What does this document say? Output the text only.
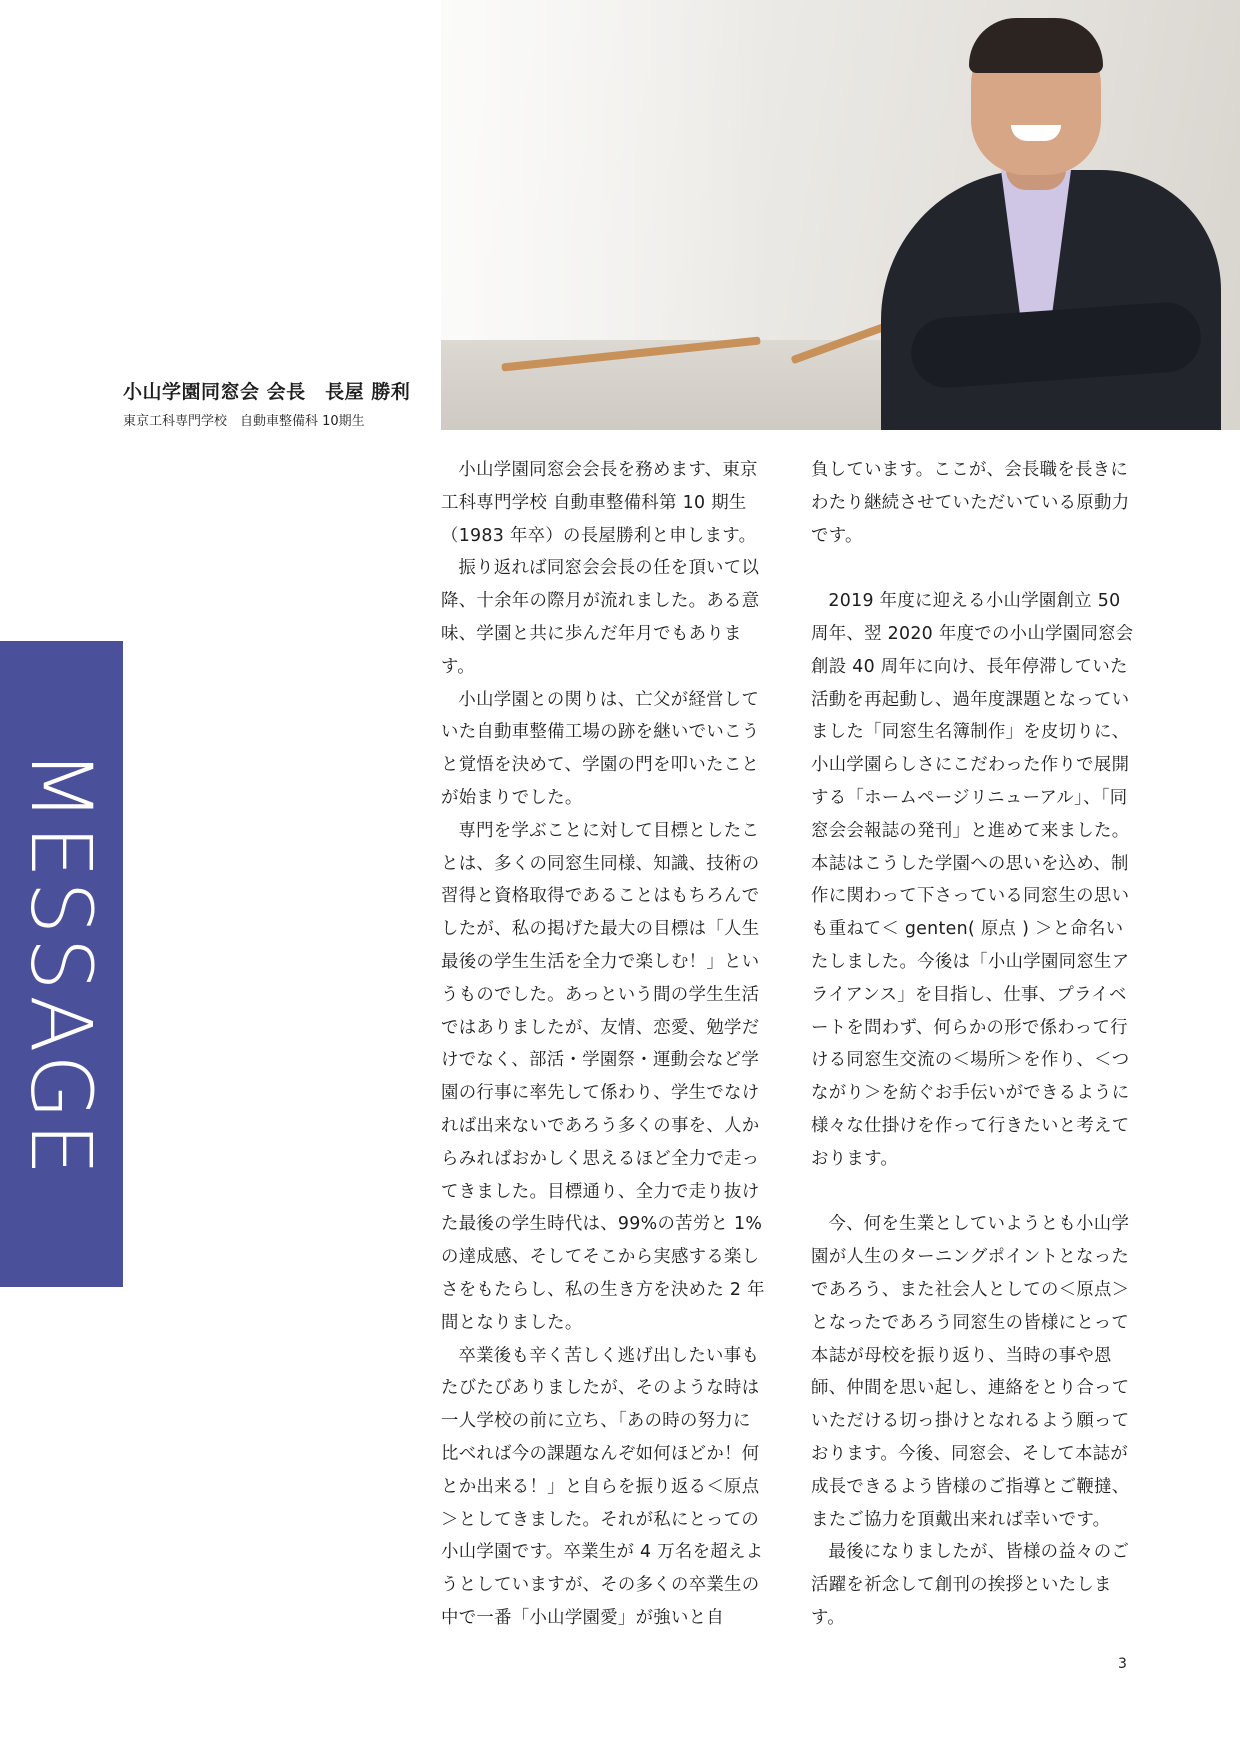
小山学園同窓会 会長　長屋 勝利
東京工科専門学校　自動車整備科 10期生
MESSAGE

小山学園同窓会会長を務めます、東京工科専門学校 自動車整備科第 10 期生（1983 年卒）の長屋勝利と申します。

振り返れば同窓会会長の任を頂いて以降、十余年の際月が流れました。ある意味、学園と共に歩んだ年月でもあります。

小山学園との関りは、亡父が経営していた自動車整備工場の跡を継いでいこうと覚悟を決めて、学園の門を叩いたことが始まりでした。

専門を学ぶことに対して目標としたことは、多くの同窓生同様、知識、技術の習得と資格取得であることはもちろんでしたが、私の掲げた最大の目標は「人生最後の学生生活を全力で楽しむ！」というものでした。あっという間の学生生活ではありましたが、友情、恋愛、勉学だけでなく、部活・学園祭・運動会など学園の行事に率先して係わり、学生でなければ出来ないであろう多くの事を、人からみればおかしく思えるほど全力で走ってきました。目標通り、全力で走り抜けた最後の学生時代は、99%の苦労と 1%の達成感、そしてそこから実感する楽しさをもたらし、私の生き方を決めた 2 年間となりました。

卒業後も辛く苦しく逃げ出したい事もたびたびありましたが、そのような時は一人学校の前に立ち、「あの時の努力に比べれば今の課題なんぞ如何ほどか！何とか出来る！」と自らを振り返る＜原点＞としてきました。それが私にとっての小山学園です。卒業生が 4 万名を超えようとしていますが、その多くの卒業生の中で一番「小山学園愛」が強いと自

負しています。ここが、会長職を長きにわたり継続させていただいている原動力です。

2019 年度に迎える小山学園創立 50 周年、翌 2020 年度での小山学園同窓会創設 40 周年に向け、長年停滞していた活動を再起動し、過年度課題となっていました「同窓生名簿制作」を皮切りに、小山学園らしさにこだわった作りで展開する「ホームページリニューアル」、「同窓会会報誌の発刊」と進めて来ました。本誌はこうした学園への思いを込め、制作に関わって下さっている同窓生の思いも重ねて＜ genten( 原点 ) ＞と命名いたしました。今後は「小山学園同窓生アライアンス」を目指し、仕事、プライベートを問わず、何らかの形で係わって行ける同窓生交流の＜場所＞を作り、＜つながり＞を紡ぐお手伝いができるように様々な仕掛けを作って行きたいと考えております。

今、何を生業としていようとも小山学園が人生のターニングポイントとなったであろう、また社会人としての＜原点＞となったであろう同窓生の皆様にとって本誌が母校を振り返り、当時の事や恩師、仲間を思い起し、連絡をとり合っていただける切っ掛けとなれるよう願っております。今後、同窓会、そして本誌が成長できるよう皆様のご指導とご鞭撻、またご協力を頂戴出来れば幸いです。

最後になりましたが、皆様の益々のご活躍を祈念して創刊の挨拶といたします。

3
